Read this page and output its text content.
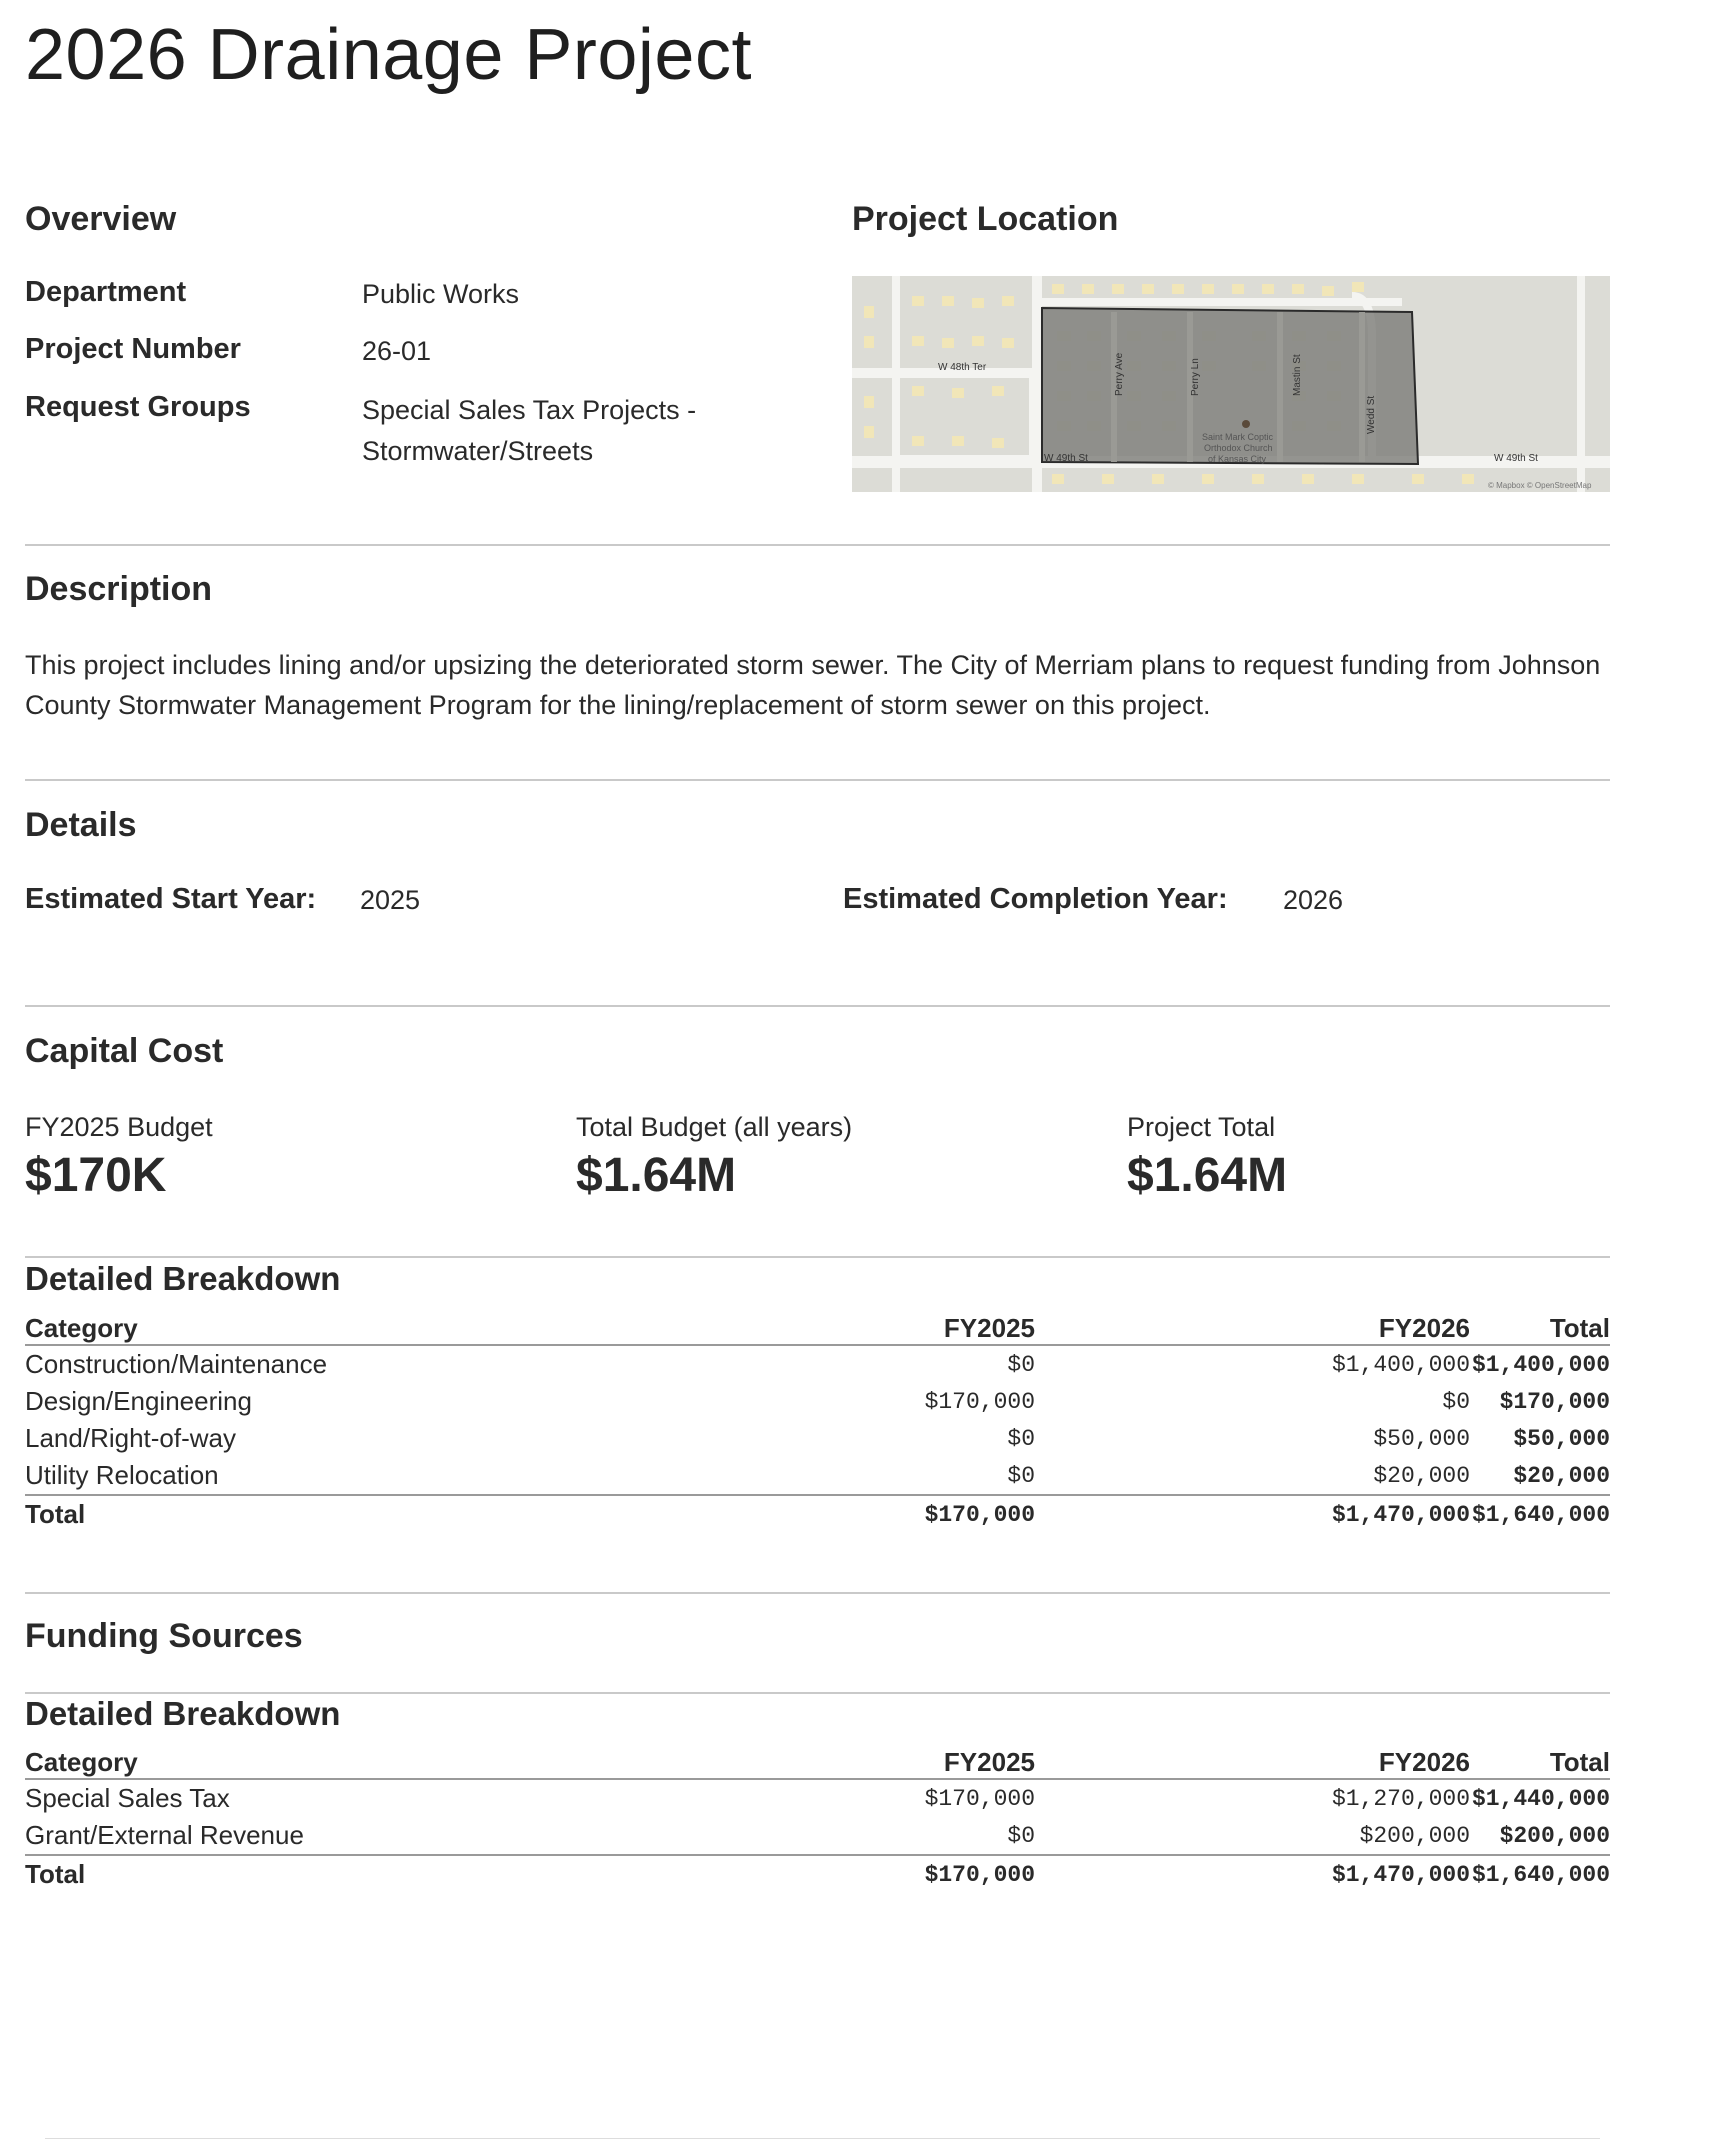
2026 Drainage Project
Overview
Department	Public Works
Project Number	26-01
Request Groups	Special Sales Tax Projects -
Stormwater/Streets
Project Location
W 48th Ter	Perry Ave	Perry Ln	Mastin St
Wedd St
W 49th St	W 49th St
Saint Mark Coptic
Orthodox Church
of Kansas City
© Mapbox © OpenStreetMap
Description
This project includes lining and/or upsizing the deteriorated storm sewer. The City of Merriam plans to request funding from Johnson County Stormwater Management Program for the lining/replacement of storm sewer on this project.
Details
Estimated Start Year: 2025	Estimated Completion Year: 2026
Capital Cost
FY2025 Budget
$170K
Total Budget (all years)
$1.64M
Project Total
$1.64M
Detailed Breakdown
Category	FY2025	FY2026	Total
Construction/Maintenance	$0	$1,400,000	$1,400,000
Design/Engineering	$170,000	$0	$170,000
Land/Right-of-way	$0	$50,000	$50,000
Utility Relocation	$0	$20,000	$20,000
Total	$170,000	$1,470,000	$1,640,000
Funding Sources
Detailed Breakdown
Category	FY2025	FY2026	Total
Special Sales Tax	$170,000	$1,270,000	$1,440,000
Grant/External Revenue	$0	$200,000	$200,000
Total	$170,000	$1,470,000	$1,640,000
